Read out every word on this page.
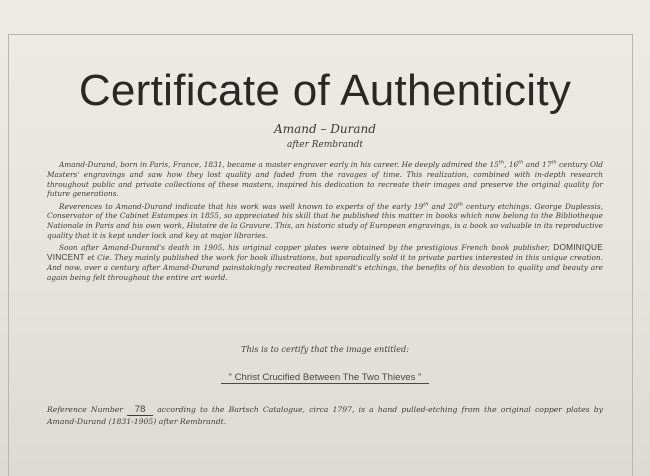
Certificate of Authenticity
Amand – Durand
after Rembrandt

Amand-Durand, born in Paris, France, 1831, became a master engraver early in his career. He deeply admired the 15th, 16th and 17th century Old Masters' engravings and saw how they lost quality and faded from the ravages of time. This realization, combined with in-depth research throughout public and private collections of these masters, inspired his dedication to recreate their images and preserve the original quality for future generations.

Reverences to Amand-Durand indicate that his work was well known to experts of the early 19th and 20th century etchings. George Duplessis, Conservator of the Cabinet Estampes in 1855, so appreciated his skill that he published this matter in books which now belong to the Bibliotheque Nationale in Paris and his own work, Histoire de la Gravure. This, an historic study of European engravings, is a book so valuable in its reproductive quality that it is kept under lock and key at major libraries.

Soon after Amand-Durand's death in 1905, his original copper plates were obtained by the prestigious French book publisher, DOMINIQUE VINCENT et Cie. They mainly published the work for book illustrations, but sporadically sold it to private parties interested in this unique creation. And now, over a century after Amand-Durand painstakingly recreated Rembrandt's etchings, the benefits of his devotion to quality and beauty are again being felt throughout the entire art world.

This is to certify that the image entitled:
" Christ Crucified Between The Two Thieves "
Reference Number 78 according to the Bartsch Catalogue, circa 1797, is a hand pulled-etching from the original copper plates by Amand-Durand (1831-1905) after Rembrandt.
